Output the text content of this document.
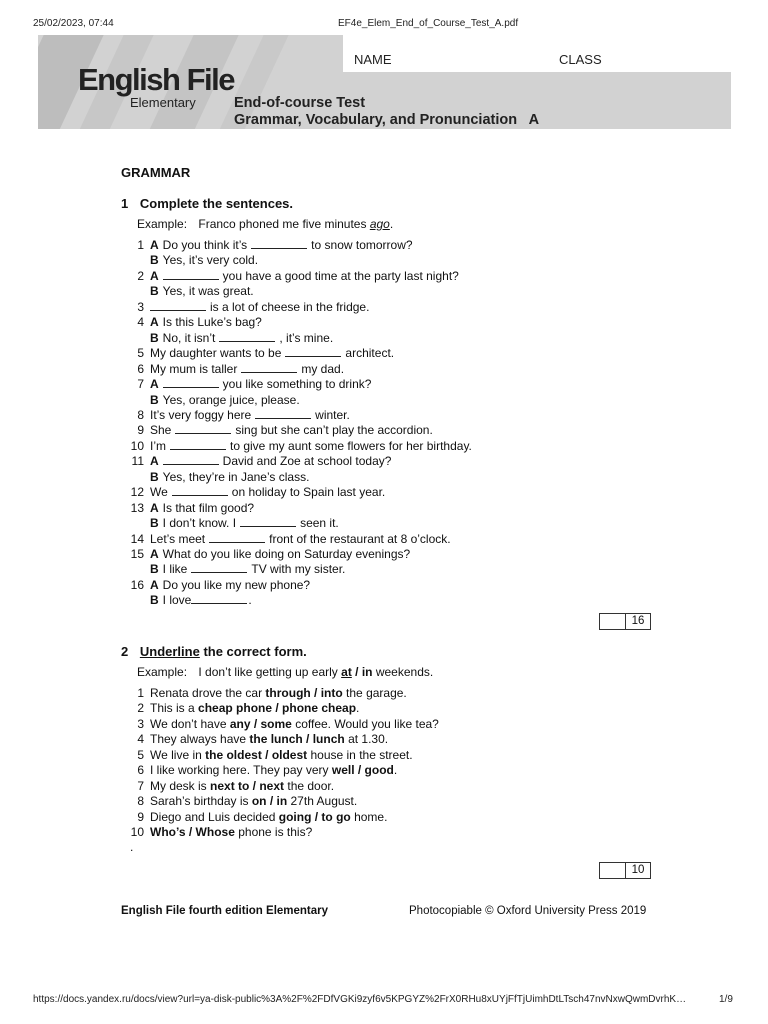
25/02/2023, 07:44	EF4e_Elem_End_of_Course_Test_A.pdf
English File
Elementary
NAME	CLASS
End-of-course Test
Grammar, Vocabulary, and Pronunciation   A
GRAMMAR
1 Complete the sentences.
Example: Franco phoned me five minutes ago.
1 A Do you think it’s	to snow tomorrow?
B Yes, it’s very cold.
2 A	you have a good time at the party last night?
B Yes, it was great.
3	is a lot of cheese in the fridge.
4 A Is this Luke’s bag?
B No, it isn’t	, it’s mine.
5 My daughter wants to be	architect.
6 My mum is taller	my dad.
7 A	you like something to drink?
B Yes, orange juice, please.
8 It’s very foggy here	winter.
9 She	sing but she can’t play the accordion.
10 I’m	to give my aunt some flowers for her birthday.
11 A	David and Zoe at school today?
B Yes, they’re in Jane’s class.
12 We	on holiday to Spain last year.
13 A Is that film good?
B I don’t know. I	seen it.
14 Let’s meet	front of the restaurant at 8 o’clock.
15 A What do you like doing on Saturday evenings?
B I like	TV with my sister.
16 A Do you like my new phone?
B I love	.
16
2 Underline the correct form.
Example: I don’t like getting up early at / in weekends.
1 Renata drove the car through / into the garage.
2 This is a cheap phone / phone cheap.
3 We don’t have any / some coffee. Would you like tea?
4 They always have the lunch / lunch at 1.30.
5 We live in the oldest / oldest house in the street.
6 I like working here. They pay very well / good.
7 My desk is next to / next the door.
8 Sarah’s birthday is on / in 27th August.
9 Diego and Luis decided going / to go home.
10 Who’s / Whose phone is this?
.
10
English File fourth edition Elementary	Photocopiable © Oxford University Press 2019
https://docs.yandex.ru/docs/view?url=ya-disk-public%3A%2F%2FDfVGKi9zyf6v5KPGYZ%2FrX0RHu8xUYjFfTjUimhDtLTsch47nvNxwQwmDvrhK…	1/9
